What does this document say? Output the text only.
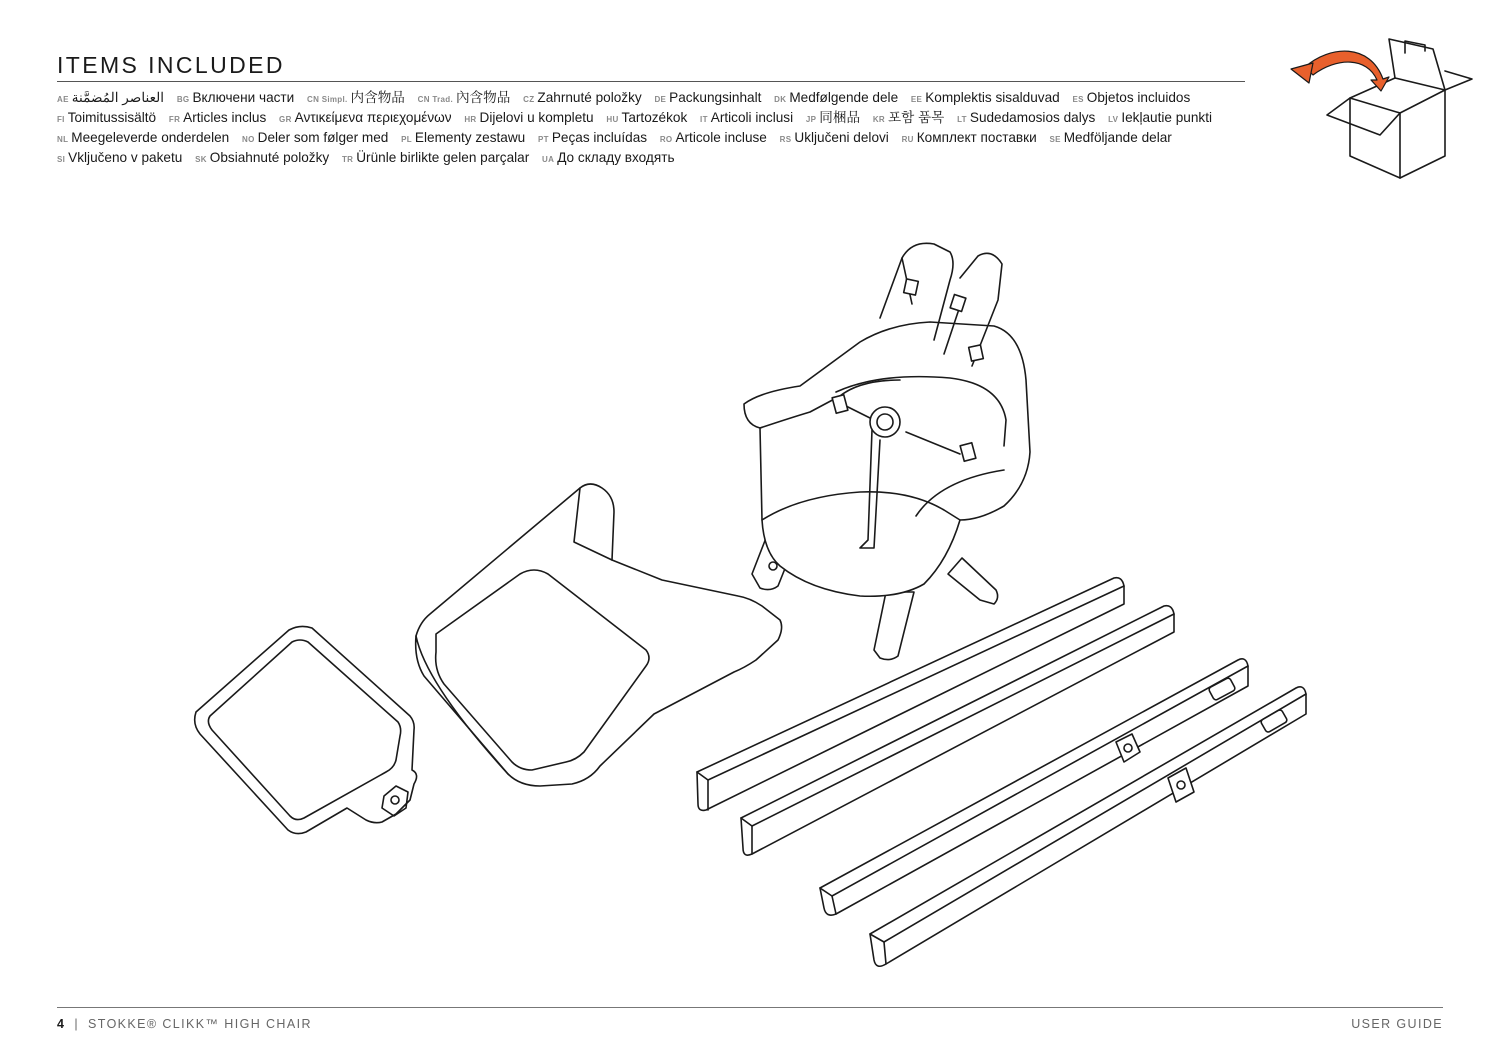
ITEMS INCLUDED
AE العناصر المُضمَّنة BG Включени части CN Simpl. 内含物品 CN Trad. 內含物品 CZ Zahrnuté položky DE Packungsinhalt DK Medfølgende dele EE Komplektis sisalduvad ES Objetos incluidos FI Toimitussisältö FR Articles inclus GR Αντικείμενα περιεχομένων HR Dijelovi u kompletu HU Tartozékok IT Articoli inclusi JP 同梱品 KR 포함 품목 LT Sudedamosios dalys LV Iekļautie punkti NL Meegeleverde onderdelen NO Deler som følger med PL Elementy zestawu PT Peças incluídas RO Articole incluse RS Uključeni delovi RU Комплект поставки SE Medföljande delar SI Vključeno v paketu SK Obsiahnuté položky TR Ürünle birlikte gelen parçalar UA До складу входять
4 | STOKKE® CLIKK™ HIGH CHAIR	USER GUIDE
